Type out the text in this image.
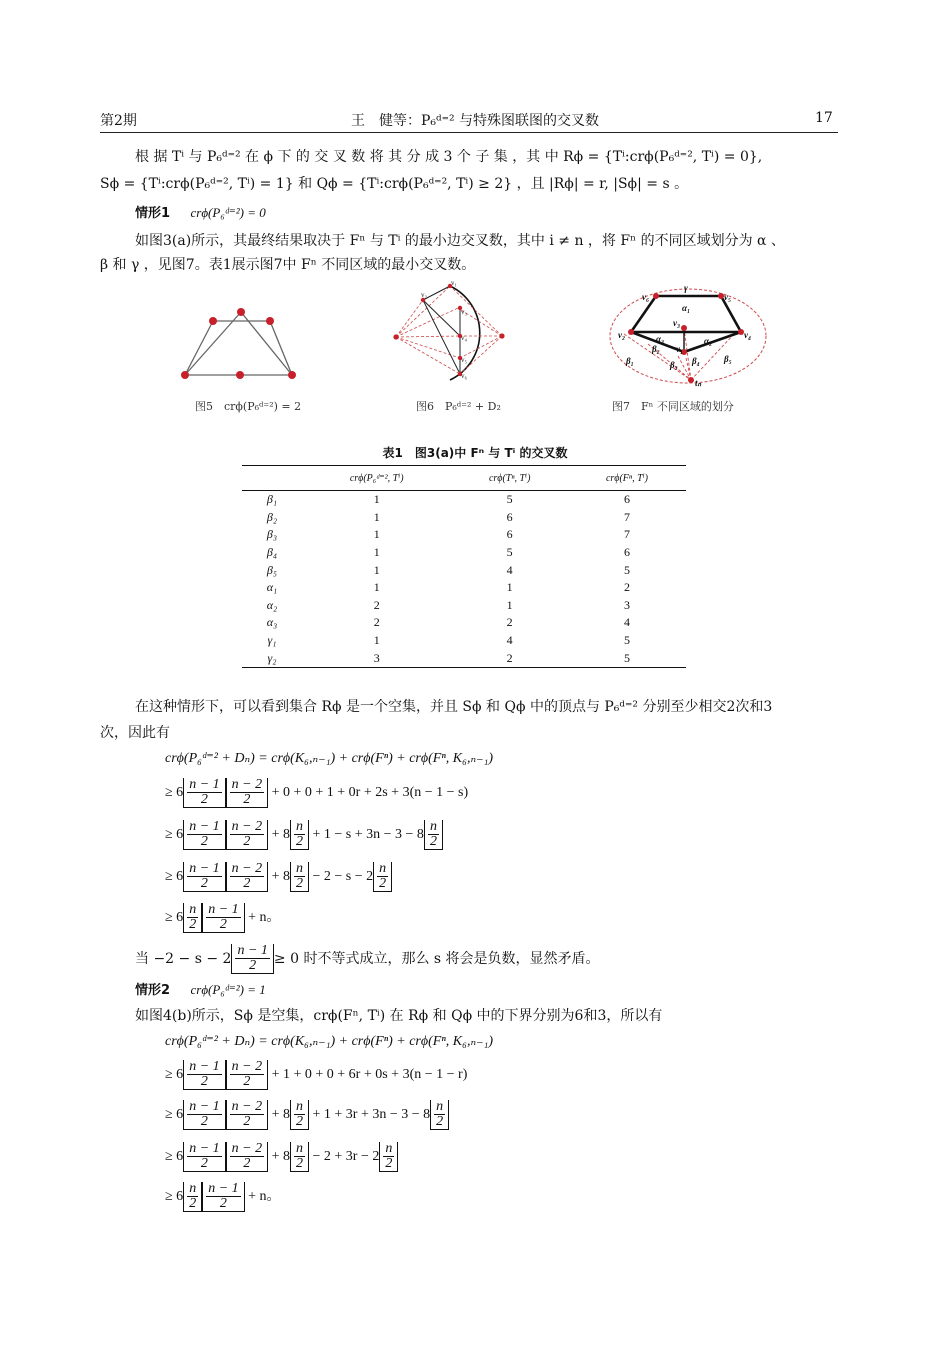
第2期	王　健等：P₆ᵈ⁼² 与特殊图联图的交叉数	17
根 据 Tⁱ 与 P₆ᵈ⁼² 在 ϕ 下 的 交 叉 数 将 其 分 成 3 个 子 集 ，其 中 Rϕ = {Tⁱ:crϕ(P₆ᵈ⁼², Tⁱ) = 0},
Sϕ = {Tⁱ:crϕ(P₆ᵈ⁼², Tⁱ) = 1} 和 Qϕ = {Tⁱ:crϕ(P₆ᵈ⁼², Tⁱ) ≥ 2} ，且 |Rϕ| = r, |Sϕ| = s 。
情形1 crϕ(P₆ᵈ⁼²) = 0
如图3(a)所示，其最终结果取决于 Fⁿ 与 Tⁱ 的最小边交叉数，其中 i ≠ n ，将 Fⁿ 的不同区域划分为 α 、
β 和 γ ，见图7。表1展示图7中 Fⁿ 不同区域的最小交叉数。
图5　crϕ(P₆ᵈ⁼²) = 2
v₁
v₂
v₃
v₄
v₅
v₆
图6　P₆ᵈ⁼² + D₂
v₆	v₅
v₃
v₂
v₁
v₄
tₙ
γ
α₁
α₃	α₂
β₂
β₁	β₃ β₄	β₅
图7　Fⁿ 不同区域的划分
表1　图3(a)中 Fⁿ 与 Tⁱ 的交叉数
	crϕ(P₆ᵈ⁼², Tⁱ)	crϕ(Tⁿ, Tⁱ)	crϕ(Fⁿ, Tⁱ)
β₁	1	5	6
β₂	1	6	7
β₃	1	6	7
β₄	1	5	6
β₅	1	4	5
α₁	1	1	2
α₂	2	1	3
α₃	2	2	4
γ₁	1	4	5
γ₂	3	2	5
在这种情形下，可以看到集合 Rϕ 是一个空集，并且 Sϕ 和 Qϕ 中的顶点与 P₆ᵈ⁼² 分别至少相交2次和3
次，因此有
crϕ(P₆ᵈ⁼² + Dₙ) = crϕ(K₆,ₙ₋₁) + crϕ(Fⁿ) + crϕ(Fⁿ, K₆,ₙ₋₁)
≥ $6 \frac{n - 1}{2} \frac{n - 2}{2} + 0 + 0 + 1 + 0r + 2s + 3(n - 1 - s)$
≥ $6 \frac{n - 1}{2} \frac{n - 2}{2} + 8 \frac{n}{2} + 1 - s + 3n - 3 - 8 \frac{n}{2}$
≥ $6 \frac{n - 1}{2} \frac{n - 2}{2} + 8 \frac{n}{2} - 2 - s - 2 \frac{n}{2}$
≥ $6 \frac{n}{2} \frac{n - 1}{2} + n$。
当 $-2 - s - 2 \frac{n - 1}{2} \ge 0$ 时不等式成立，那么 s 将会是负数，显然矛盾。
情形2 crϕ(P₆ᵈ⁼²) = 1
如图4(b)所示，Sϕ 是空集，crϕ(Fⁿ, Tⁱ) 在 Rϕ 和 Qϕ 中的下界分别为6和3，所以有
crϕ(P₆ᵈ⁼² + Dₙ) = crϕ(K₆,ₙ₋₁) + crϕ(Fⁿ) + crϕ(Fⁿ, K₆,ₙ₋₁)
≥ $6 \frac{n - 1}{2} \frac{n - 2}{2} + 1 + 0 + 0 + 6r + 0s + 3(n - 1 - r)$
≥ $6 \frac{n - 1}{2} \frac{n - 2}{2} + 8 \frac{n}{2} + 1 + 3r + 3n - 3 - 8 \frac{n}{2}$
≥ $6 \frac{n - 1}{2} \frac{n - 2}{2} + 8 \frac{n}{2} - 2 + 3r - 2 \frac{n}{2}$
≥ $6 \frac{n}{2} \frac{n - 1}{2} + n$。
